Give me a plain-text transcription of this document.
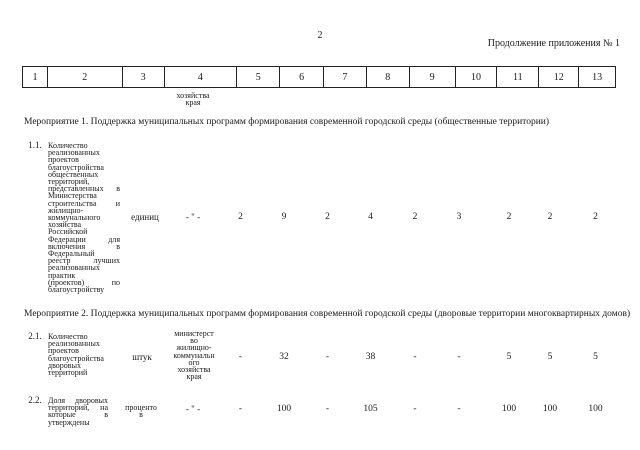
2
Продолжение приложения № 1
1	2	3	4	5	6	7	8	9	10	11	12	13
хозяйства
края
Мероприятие 1. Поддержка муниципальных программ формирования современной городской среды (общественные территории)
1.1. Количество
реализованных
проектов
благоустройства
общественных
территорий,
представленных в
Министерства
строительства и
жилищно-
коммунального
хозяйства
Российской
Федерации для
включения в
Федеральный
реестр лучших
реализованных
практик
(проектов) по
благоустройству
единиц	- " -	2	9	2	4	2	3	2	2	2
Мероприятие 2. Поддержка муниципальных программ формирования современной городской среды (дворовые территории многоквартирных домов)
2.1. Количество
реализованных
проектов
благоустройства
дворовых
территорий
штук
министерст
во
жилищно-
коммунальн
ого
хозяйства
края
-	32	-	38	-	-	5	5	5
2.2. Доля дворовых
территорий, на
которые в
утверждены
проценто
в
- " -	-	100	-	105	-	-	100	100	100
